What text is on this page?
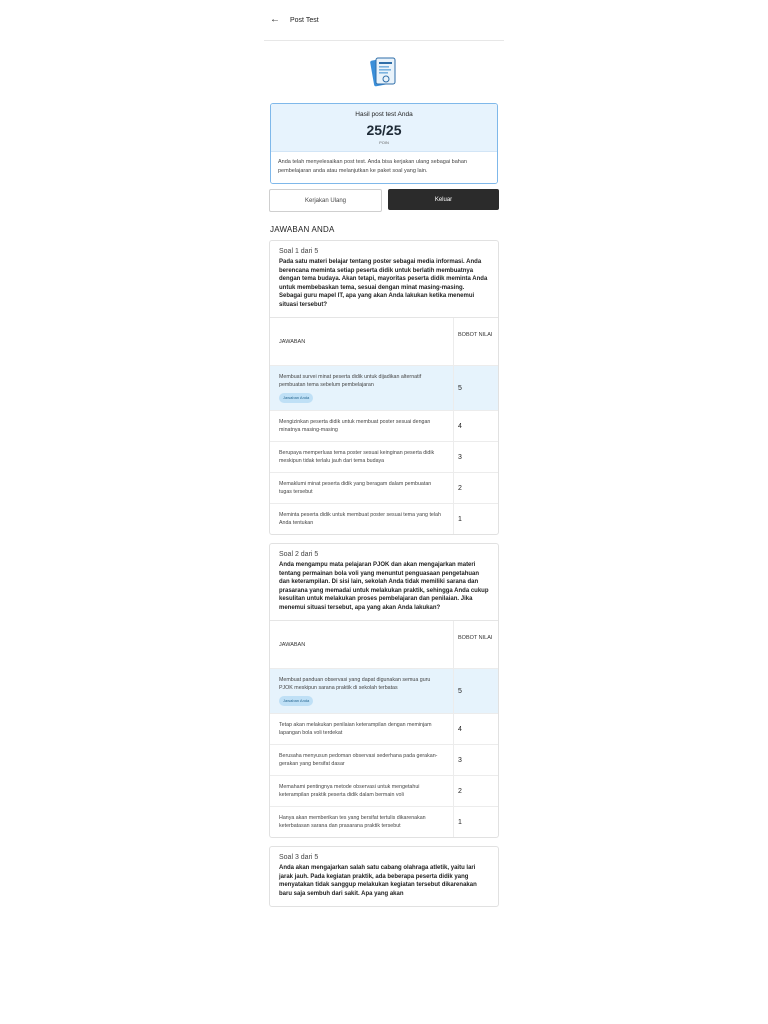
← Post Test
Hasil post test Anda
25/25
POIN
Anda telah menyelesaikan post test. Anda bisa kerjakan ulang sebagai bahan pembelajaran anda atau melanjutkan ke paket soal yang lain.
Kerjakan Ulang	Keluar
JAWABAN ANDA
Soal 1 dari 5
Pada satu materi belajar tentang poster sebagai media informasi. Anda berencana meminta setiap peserta didik untuk berlatih membuatnya dengan tema budaya. Akan tetapi, mayoritas peserta didik meminta Anda untuk membebaskan tema, sesuai dengan minat masing-masing. Sebagai guru mapel IT, apa yang akan Anda lakukan ketika menemui situasi tersebut?
JAWABAN
BOBOT NILAI
Membuat survei minat peserta didik untuk dijadikan alternatif pembuatan tema sebelum pembelajaran
Jawaban Anda
5
Mengizinkan peserta didik untuk membuat poster sesuai dengan minatnya masing-masing
4
Berupaya memperluas tema poster sesuai keinginan peserta didik meskipun tidak terlalu jauh dari tema budaya
3
Memaklumi minat peserta didik yang beragam dalam pembuatan tugas tersebut
2
Meminta peserta didik untuk membuat poster sesuai tema yang telah Anda tentukan
1
Soal 2 dari 5
Anda mengampu mata pelajaran PJOK dan akan mengajarkan materi tentang permainan bola voli yang menuntut penguasaan pengetahuan dan keterampilan. Di sisi lain, sekolah Anda tidak memiliki sarana dan prasarana yang memadai untuk melakukan praktik, sehingga Anda cukup kesulitan untuk melakukan proses pembelajaran dan penilaian. Jika menemui situasi tersebut, apa yang akan Anda lakukan?
JAWABAN
BOBOT NILAI
Membuat panduan observasi yang dapat digunakan semua guru PJOK meskipun sarana praktik di sekolah terbatas
Jawaban Anda
5
Tetap akan melakukan penilaian keterampilan dengan meminjam lapangan bola voli terdekat
4
Berusaha menyusun pedoman observasi sederhana pada gerakan-gerakan yang bersifat dasar
3
Memahami pentingnya metode observasi untuk mengetahui keterampilan praktik peserta didik dalam bermain voli
2
Hanya akan memberikan tes yang bersifat tertulis dikarenakan keterbatasan sarana dan prasarana praktik tersebut
1
Soal 3 dari 5
Anda akan mengajarkan salah satu cabang olahraga atletik, yaitu lari jarak jauh. Pada kegiatan praktik, ada beberapa peserta didik yang menyatakan tidak sanggup melakukan kegiatan tersebut dikarenakan baru saja sembuh dari sakit. Apa yang akan
